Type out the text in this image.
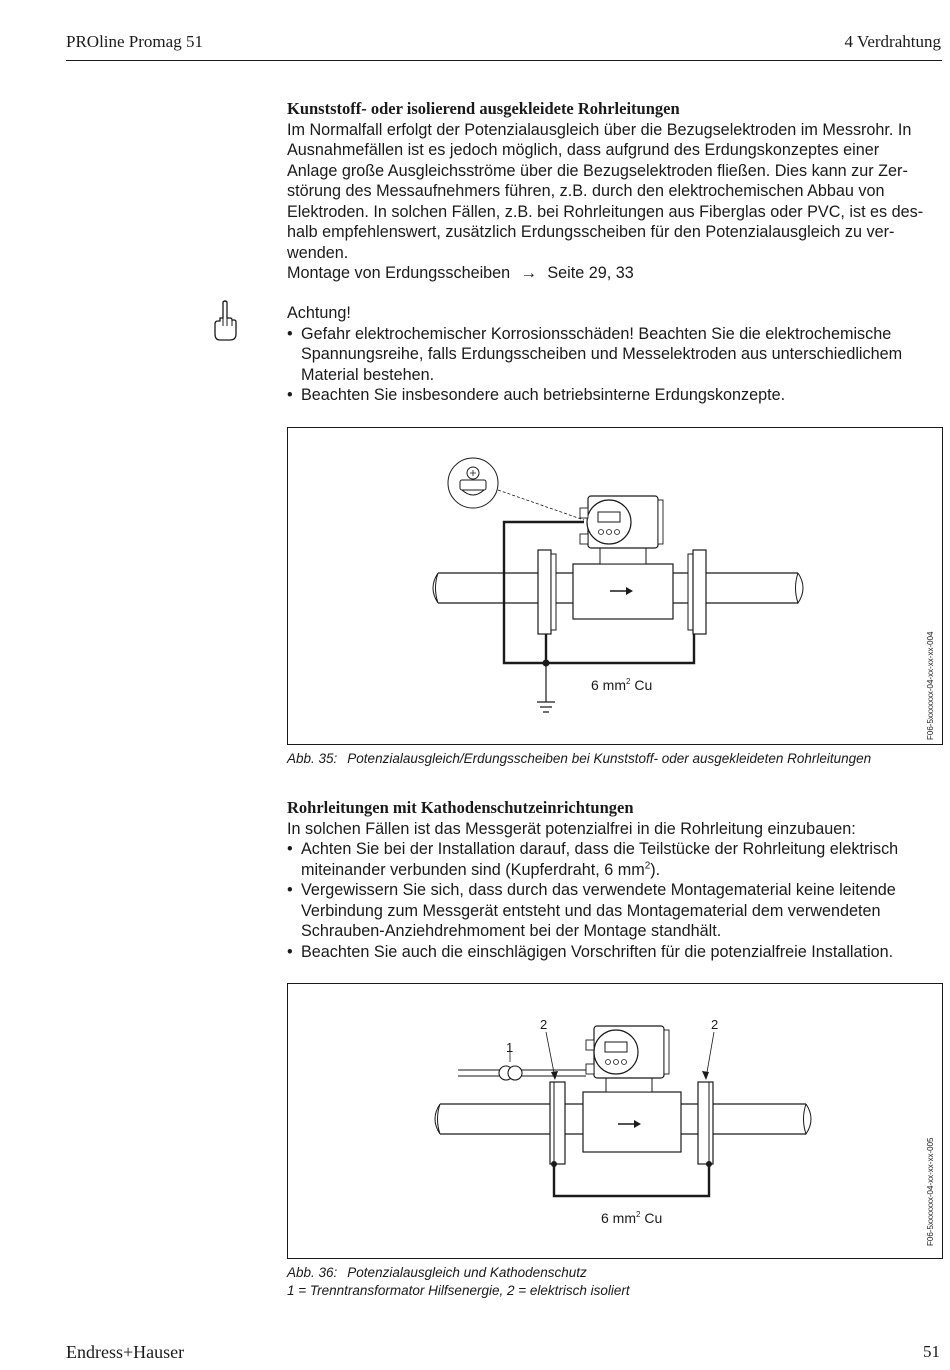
PROline Promag 51	4 Verdrahtung
Kunststoff- oder isolierend ausgekleidete Rohrleitungen
Im Normalfall erfolgt der Potenzialausgleich über die Bezugselektroden im Messrohr. In
Ausnahmefällen ist es jedoch möglich, dass aufgrund des Erdungskonzeptes einer
Anlage große Ausgleichsströme über die Bezugselektroden fließen. Dies kann zur Zer-
störung des Messaufnehmers führen, z.B. durch den elektrochemischen Abbau von
Elektroden. In solchen Fällen, z.B. bei Rohrleitungen aus Fiberglas oder PVC, ist es des-
halb empfehlenswert, zusätzlich Erdungsscheiben für den Potenzialausgleich zu ver-
wenden.
Montage von Erdungsscheiben → Seite 29, 33
Achtung!
• Gefahr elektrochemischer Korrosionsschäden! Beachten Sie die elektrochemische
Spannungsreihe, falls Erdungsscheiben und Messelektroden aus unterschiedlichem
Material bestehen.
• Beachten Sie insbesondere auch betriebsinterne Erdungskonzepte.
6 $mm^2$ Cu	F06-5xxxxxxx-04-xx-xx-xx-004
Abb. 35: Potenzialausgleich/Erdungsscheiben bei Kunststoff- oder ausgekleideten Rohrleitungen
Rohrleitungen mit Kathodenschutzeinrichtungen
In solchen Fällen ist das Messgerät potenzialfrei in die Rohrleitung einzubauen:
• Achten Sie bei der Installation darauf, dass die Teilstücke der Rohrleitung elektrisch
miteinander verbunden sind (Kupferdraht, 6 $mm^2$).
• Vergewissern Sie sich, dass durch das verwendete Montagematerial keine leitende
Verbindung zum Messgerät entsteht und das Montagematerial dem verwendeten
Schrauben-Anziehdrehmoment bei der Montage standhält.
• Beachten Sie auch die einschlägigen Vorschriften für die potenzialfreie Installation.
1
2	2
6 $mm^2$ Cu	F06-5xxxxxxx-04-xx-xx-xx-005
Abb. 36: Potenzialausgleich und Kathodenschutz
1 = Trenntransformator Hilfsenergie, 2 = elektrisch isoliert
Endress+Hauser	51
